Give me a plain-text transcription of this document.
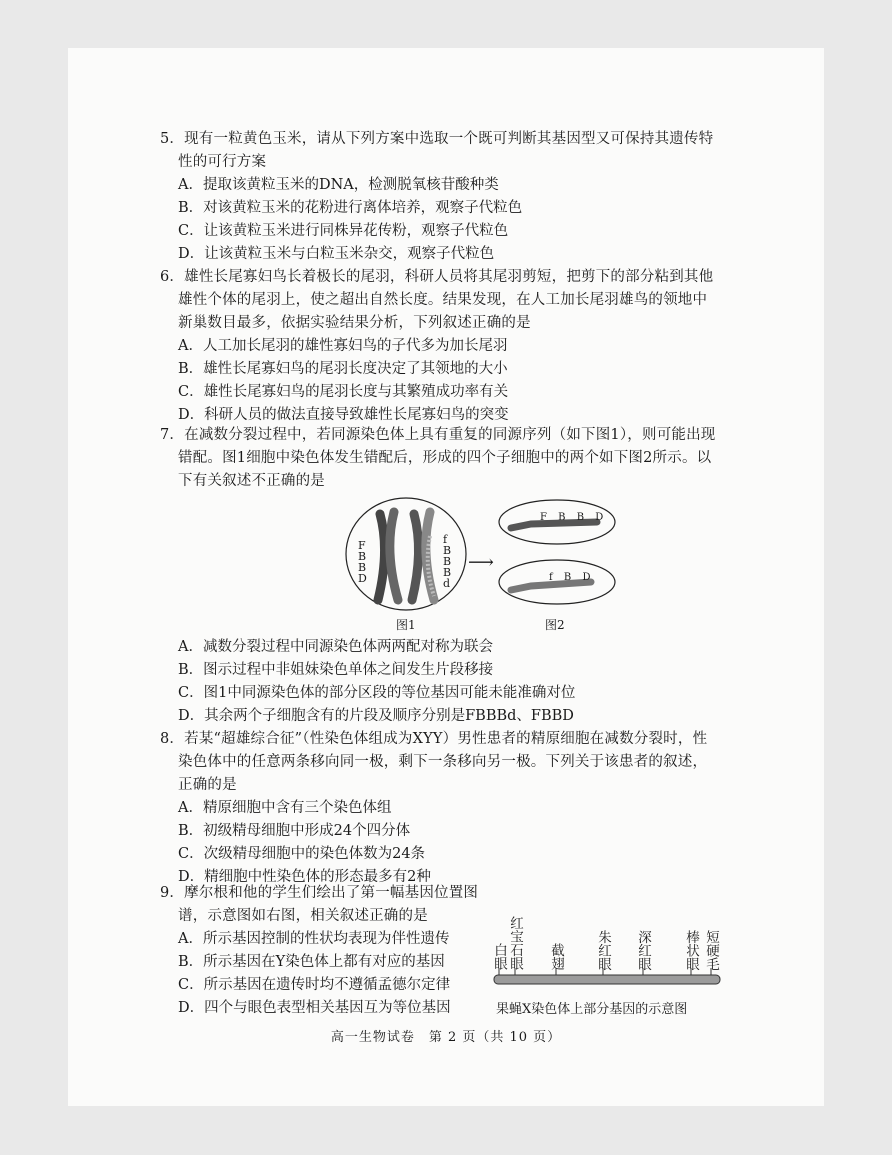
5．现有一粒黄色玉米，请从下列方案中选取一个既可判断其基因型又可保持其遗传特性的可行方案
A．提取该黄粒玉米的DNA，检测脱氧核苷酸种类
B．对该黄粒玉米的花粉进行离体培养，观察子代粒色
C．让该黄粒玉米进行同株异花传粉，观察子代粒色
D．让该黄粒玉米与白粒玉米杂交，观察子代粒色
6．雄性长尾寡妇鸟长着极长的尾羽，科研人员将其尾羽剪短，把剪下的部分粘到其他雄性个体的尾羽上，使之超出自然长度。结果发现，在人工加长尾羽雄鸟的领地中新巢数目最多，依据实验结果分析，下列叙述正确的是
A．人工加长尾羽的雄性寡妇鸟的子代多为加长尾羽
B．雄性长尾寡妇鸟的尾羽长度决定了其领地的大小
C．雄性长尾寡妇鸟的尾羽长度与其繁殖成功率有关
D．科研人员的做法直接导致雄性长尾寡妇鸟的突变
7．在减数分裂过程中，若同源染色体上具有重复的同源序列（如下图1），则可能出现错配。图1细胞中染色体发生错配后，形成的四个子细胞中的两个如下图2所示。以下有关叙述不正确的是
F
B
B
D
f
B
B
B
d
图1
⟶
F B B D
f B D
图2
A．减数分裂过程中同源染色体两两配对称为联会
B．图示过程中非姐妹染色单体之间发生片段移接
C．图1中同源染色体的部分区段的等位基因可能未能准确对位
D．其余两个子细胞含有的片段及顺序分别是FBBBd、FBBD
8．若某“超雄综合征”（性染色体组成为XYY）男性患者的精原细胞在减数分裂时，性染色体中的任意两条移向同一极，剩下一条移向另一极。下列关于该患者的叙述，正确的是
A．精原细胞中含有三个染色体组
B．初级精母细胞中形成24个四分体
C．次级精母细胞中的染色体数为24条
D．精细胞中性染色体的形态最多有2种
9．摩尔根和他的学生们绘出了第一幅基因位置图谱，示意图如右图，相关叙述正确的是
A．所示基因控制的性状均表现为伴性遗传
B．所示基因在Y染色体上都有对应的基因
C．所示基因在遗传时均不遵循孟德尔定律
D．四个与眼色表型相关基因互为等位基因
白眼 红宝石眼 截翅 朱红眼 深红眼 棒状眼 短硬毛
果蝇X染色体上部分基因的示意图
高一生物试卷　第 2 页（共 10 页）
